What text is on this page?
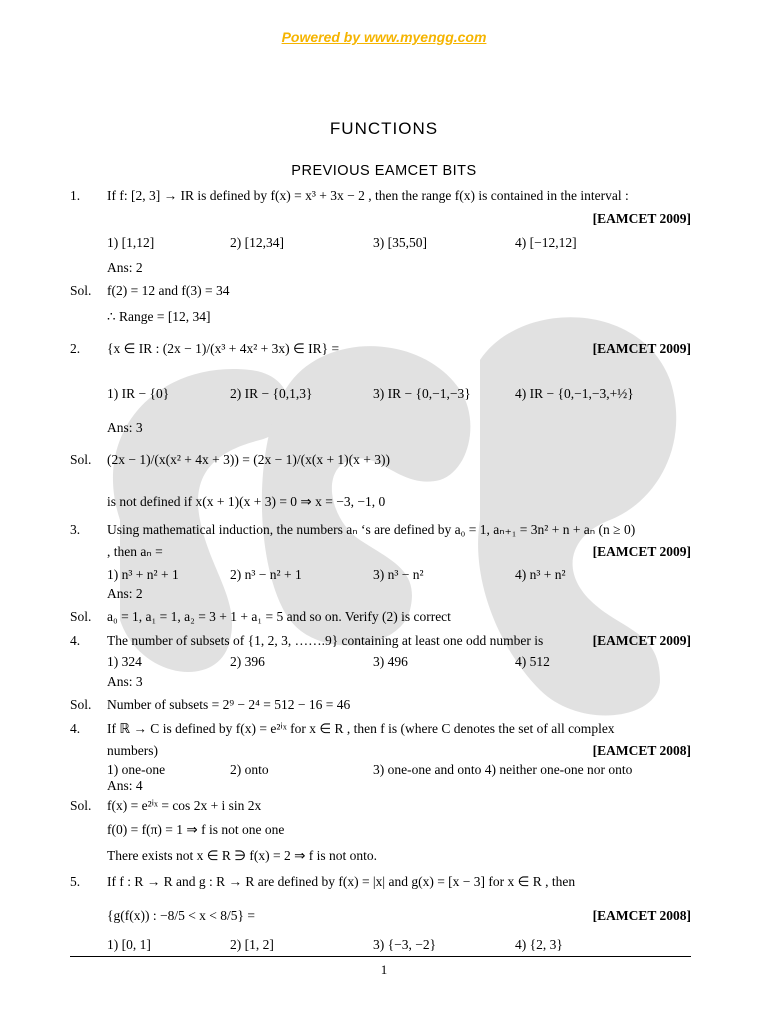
Powered by www.myengg.com
FUNCTIONS
PREVIOUS EAMCET BITS
1. If f: [2, 3] → IR is defined by f(x) = x³ + 3x − 2 , then the range f(x) is contained in the interval :
[EAMCET 2009]
1) [1,12]	2) [12,34]	3) [35,50]	4) [−12,12]
Ans: 2
Sol. f(2) = 12 and f(3) = 34
∴ Range = [12, 34]
2. {x ∈ IR : (2x − 1)/(x³ + 4x² + 3x) ∈ IR} =	[EAMCET 2009]
1) IR − {0}	2) IR − {0,1,3}	3) IR − {0,−1,−3}	4) IR − {0,−1,−3,+½}
Ans: 3
Sol. (2x − 1)/(x(x² + 4x + 3)) = (2x − 1)/(x(x + 1)(x + 3))
is not defined if x(x + 1)(x + 3) = 0 ⇒ x = −3, −1, 0
3. Using mathematical induction, the numbers aₙ ‘s are defined by a₀ = 1, aₙ₊₁ = 3n² + n + aₙ (n ≥ 0)
, then aₙ =	[EAMCET 2009]
1) n³ + n² + 1	2) n³ − n² + 1	3) n³ − n²	4) n³ + n²
Ans: 2
Sol. a₀ = 1, a₁ = 1, a₂ = 3 + 1 + a₁ = 5 and so on. Verify (2) is correct
4. The number of subsets of {1, 2, 3, …….9} containing at least one odd number is	[EAMCET 2009]
1) 324	2) 396	3) 496	4) 512
Ans: 3
Sol. Number of subsets = 2⁹ − 2⁴ = 512 − 16 = 46
4. If ℝ → C is defined by f(x) = e²ⁱˣ for x ∈ R , then f is (where C denotes the set of all complex
numbers)	[EAMCET 2008]
1) one-one	2) onto	3) one-one and onto 4) neither one-one nor onto
Ans: 4
Sol. f(x) = e²ⁱˣ = cos 2x + i sin 2x
f(0) = f(π) = 1 ⇒ f is not one one
There exists not x ∈ R ∋ f(x) = 2 ⇒ f is not onto.
5. If f : R → R and g : R → R are defined by f(x) = |x| and g(x) = [x − 3] for x ∈ R , then
{g(f(x)) : −8/5 < x < 8/5} =	[EAMCET 2008]
1) [0, 1]	2) [1, 2]	3) {−3, −2}	4) {2, 3}
1
